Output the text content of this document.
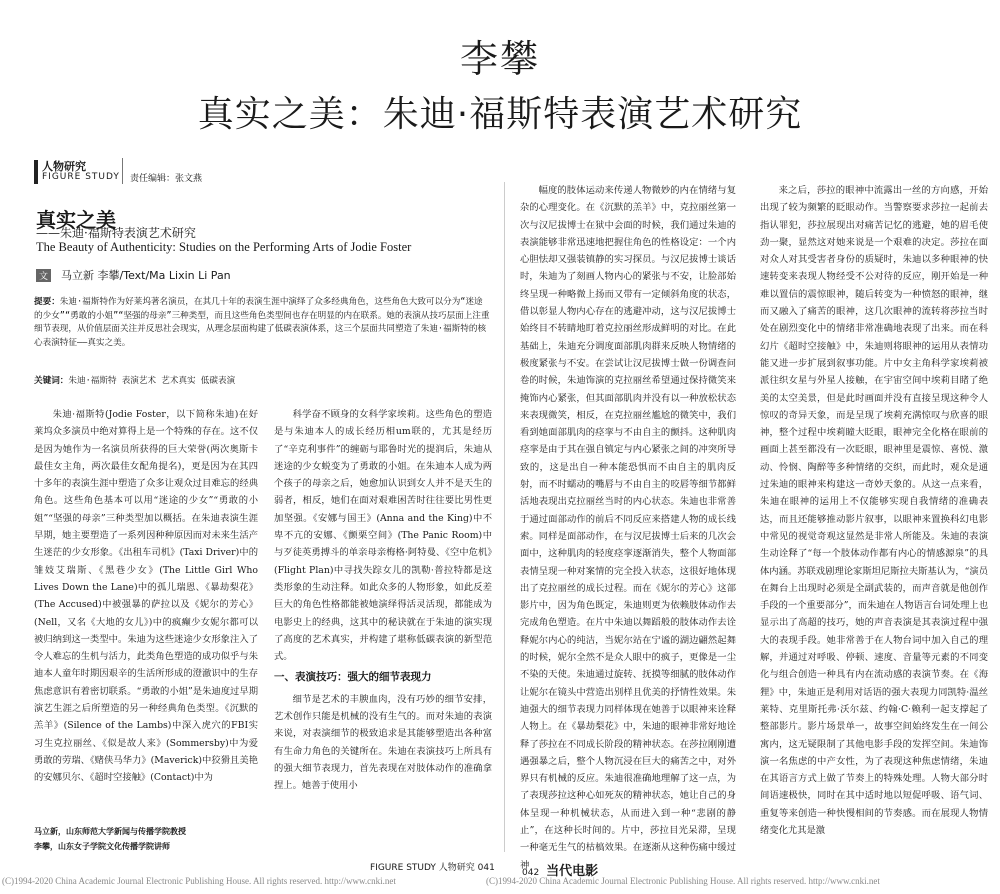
李攀
真实之美：朱迪·福斯特表演艺术研究
人物研究
FIGURE STUDY 责任编辑：张文燕
真实之美
——朱迪·福斯特表演艺术研究
The Beauty of Authenticity: Studies on the Performing Arts of Jodie Foster
文 马立新 李攀/Text/Ma Lixin Li Pan
提要：朱迪·福斯特作为好莱坞著名演员，在其几十年的表演生涯中演绎了众多经典角色，这些角色大致可以分为“迷途的少女”“勇敢的小姐”“坚强的母亲”三种类型，而且这些角色类型间也存在明显的内在联系。她的表演从技巧层面上注重细节表现，从价值层面关注并反思社会现实，从理念层面构建了低碳表演体系，这三个层面共同塑造了朱迪·福斯特的核心表演特征——真实之美。
关键词：朱迪·福斯特 表演艺术 艺术真实 低碳表演

朱迪·福斯特(Jodie Foster，以下简称朱迪)在好莱坞众多演员中绝对算得上是一个特殊的存在。这不仅是因为她作为一名演员所获得的巨大荣誉(两次奥斯卡最佳女主角，两次最佳女配角提名)，更是因为在其四十多年的表演生涯中塑造了众多让观众过目难忘的经典角色。这些角色基本可以用“迷途的少女”“勇敢的小姐”“坚强的母亲”三种类型加以概括。在朱迪表演生涯早期，她主要塑造了一系列因种种原因而对未来生活产生迷茫的少女形象。《出租车司机》(Taxi Driver)中的雏妓艾瑞斯、《黑巷少女》(The Little Girl Who Lives Down the Lane)中的孤儿瑞恩、《暴劫梨花》(The Accused)中被强暴的萨拉以及《妮尔的芳心》(Nell，又名《大地的女儿》)中的疯癫少女妮尔都可以被归纳到这一类型中。朱迪为这些迷途少女形象注入了令人难忘的生机与活力，此类角色塑造的成功似乎与朱迪本人童年时期因艰辛的生活所形成的澄澈识中的生存焦虑意识有着密切联系。“勇敢的小姐”是朱迪度过早期演艺生涯之后所塑造的另一种经典角色类型。《沉默的羔羊》(Silence of the Lambs)中深入虎穴的FBI实习生克拉丽丝、《似是故人来》(Sommersby)中为爱勇敢的劳瑞、《赌侠马华力》(Maverick)中狡猾且美艳的安娜贝尔、《超时空接触》(Contact)中为

科学奋不顾身的女科学家埃莉。这些角色的塑造是与朱迪本人的成长经历相um联的，尤其是经历了“辛克利事件”的缠砺与耶鲁时光的提润后，朱迪从迷途的少女蜕变为了勇敢的小姐。在朱迪本人成为两个孩子的母亲之后，她愈加认识到女人并不是天生的弱者，相反，她们在面对艰难困苦时往往要比男性更加坚强。《安娜与国王》(Anna and the King)中不卑不亢的安娜、《颤栗空间》(The Panic Room)中与歹徒英勇搏斗的单亲母亲梅格·阿特曼、《空中危机》(Flight Plan)中寻找失踪女儿的凯勒·普拉特都是这类形象的生动注释。如此众多的人物形象，如此反差巨大的角色性格都能被她演绎得活灵活现，都能成为电影史上的经典，这其中的秘诀就在于朱迪的演实现了高度的艺术真实，并构建了堪称低碳表演的新型范式。

一、表演技巧：强大的细节表现力

细节是艺术的丰腴血肉，没有巧妙的细节安排，艺术创作只能是机械的没有生气的。而对朱迪的表演来说，对表演细节的极致追求是其能够塑造出各种富有生命力角色的关键所在。朱迪在表演技巧上所具有的强大细节表现力，首先表现在对肢体动作的准确拿捏上。她善于使用小

幅度的肢体运动来传递人物微妙的内在情绪与复杂的心理变化。在《沉默的羔羊》中，克拉丽丝第一次与汉尼拔博士在狱中会面的时候，我们通过朱迪的表演能够非常迅速地把握住角色的性格设定：一个内心胆怯却又强装镇静的实习探员。与汉尼拔博士谈话时，朱迪为了刻画人物内心的紧张与不安，让脸部始终呈现一种略微上扬而又带有一定倾斜角度的状态，借以彰显人物内心存在的逃避冲动，这与汉尼拔博士始终目不转睛地盯着克拉丽丝形成鲜明的对比。在此基础上，朱迪充分调度面部肌肉群来反映人物情绪的极度紧张与不安。在尝试让汉尼拔博士做一份调查问卷的时候，朱迪饰演的克拉丽丝希望通过保持微笑来掩饰内心紧张，但其面部肌肉并没有以一种放松状态来表现微笑，相反，在克拉丽丝尴尬的微笑中，我们看到她面部肌肉的痉挛与不由自主的颤抖。这种肌肉痉挛是由于其在强自镇定与内心紧张之间的冲突所导致的，这是出自一种本能恐惧而不由自主的肌肉反射，而不时蠕动的嘴唇与不由自主的咬唇等细节都鲜活地表现出克拉丽丝当时的内心状态。朱迪也非常善于通过面部动作的前后不同反应来搭建人物的成长线索。同样是面部动作，在与汉尼拔博士后来的几次会面中，这种肌肉的轻度痉挛逐渐消失，整个人物面部表情呈现一种对案情的完全投入状态，这很好地体现出了克拉丽丝的成长过程。而在《妮尔的芳心》这部影片中，因为角色既定，朱迪则更为依赖肢体动作去完成角色塑造。在片中朱迪以舞蹈般的肢体动作去诠释妮尔内心的纯洁，当妮尔站在宁谧的湖边翩然起舞的时候，妮尔全然不是众人眼中的疯子，更像是一尘不染的天使。朱迪通过旋转、抚摸等细腻的肢体动作让妮尔在镜头中营造出别样且优美的抒情性效果。朱迪强大的细节表现力同样体现在她善于以眼神来诠释人物上。在《暴劫梨花》中，朱迪的眼神非常好地诠释了莎拉在不同成长阶段的精神状态。在莎拉刚刚遭遇强暴之后，整个人物沉浸在巨大的痛苦之中，对外界只有机械的反应。朱迪很准确地理解了这一点，为了表现莎拉这种心如死灰的精神状态，她让自己的身体呈现一种机械状态，从而进入到一种“悲剧的静止”，在这种长时间的。片中，莎拉目光呆滞，呈现一种毫无生气的枯槁效果。在逐渐从这种伤痛中缓过神

来之后，莎拉的眼神中流露出一丝的方向感，开始出现了较为频繁的眨眼动作。当警察要求莎拉一起前去指认罪犯，莎拉展现出对痛苦记忆的逃避，她的眉毛使劲一聚，显然这对她来说是一个艰难的决定。莎拉在面对众人对其受害者身份的质疑时，朱迪以多种眼神的快速转变来表现人物经受不公对待的反应，刚开始是一种难以置信的震惊眼神，随后转变为一种愤怒的眼神，继而又融入了痛苦的眼神，这几次眼神的流转将莎拉当时处在剧烈变化中的情绪非常准确地表现了出来。而在科幻片《超时空接触》中，朱迪则将眼神的运用从表情功能又进一步扩展到叙事功能。片中女主角科学家埃莉被派往织女星与外星人接触，在宇宙空间中埃莉目睹了绝美的太空美景，但是此时画面并没有直接呈现这种令人惊叹的奇异天象，而是呈现了埃莉充满惊叹与欣喜的眼神，整个过程中埃莉瞳大眨眼，眼神完全化格在眼前的画面上甚至都没有一次眨眼，眼神里是震惊、喜悦、激动、怜悯、陶醉等多种情绪的交织，而此时，观众是通过朱迪的眼神来构建这一奇妙天象的。从这一点来看，朱迪在眼神的运用上不仅能够实现自我情绪的准确表达，而且还能够推动影片叙事，以眼神来置换科幻电影中常见的视觉奇观这显然是非常人所能及。朱迪的表演生动诠释了“每一个肢体动作都有内心的情感源泉”的具体内涵。苏联戏剧理论家斯坦尼斯拉夫斯基认为，“演员在舞台上出现时必须是全副武装的，而声音就是他创作手段的一个重要部分”，而朱迪在人物语言台词处理上也显示出了高超的技巧，她的声音表演是其表演过程中强大的表现手段。她非常善于在人物台词中加入自己的理解，并通过对呼吸、停顿、速度、音量等元素的不同变化与组合创造一种具有内在流动感的表演节奏。在《海狸》中，朱迪正是利用对话语的强大表现力同凯特·温丝莱特、克里斯托弗·沃尔兹、约翰·C·赖利一起支撑起了整部影片。影片场景单一，故事空间始终发生在一间公寓内，这无疑限制了其他电影手段的发挥空间。朱迪饰演一名焦虑的中产女性，为了表现这种焦虑情绪，朱迪在其语言方式上做了节奏上的特殊处理。人物大部分时间语速极快，同时在其中适时地以短促呼吸、语气词、重复等来创造一种快慢相间的节奏感。而在展现人物情绪变化尤其是激

马立新，山东师范大学新闻与传播学院教授
李攀，山东女子学院文化传播学院讲师
FIGURE STUDY 人物研究 041	042 当代电影
(C)1994-2020 China Academic Journal Electronic Publishing House. All rights reserved. http://www.cnki.net	(C)1994-2020 China Academic Journal Electronic Publishing House. All rights reserved. http://www.cnki.net
